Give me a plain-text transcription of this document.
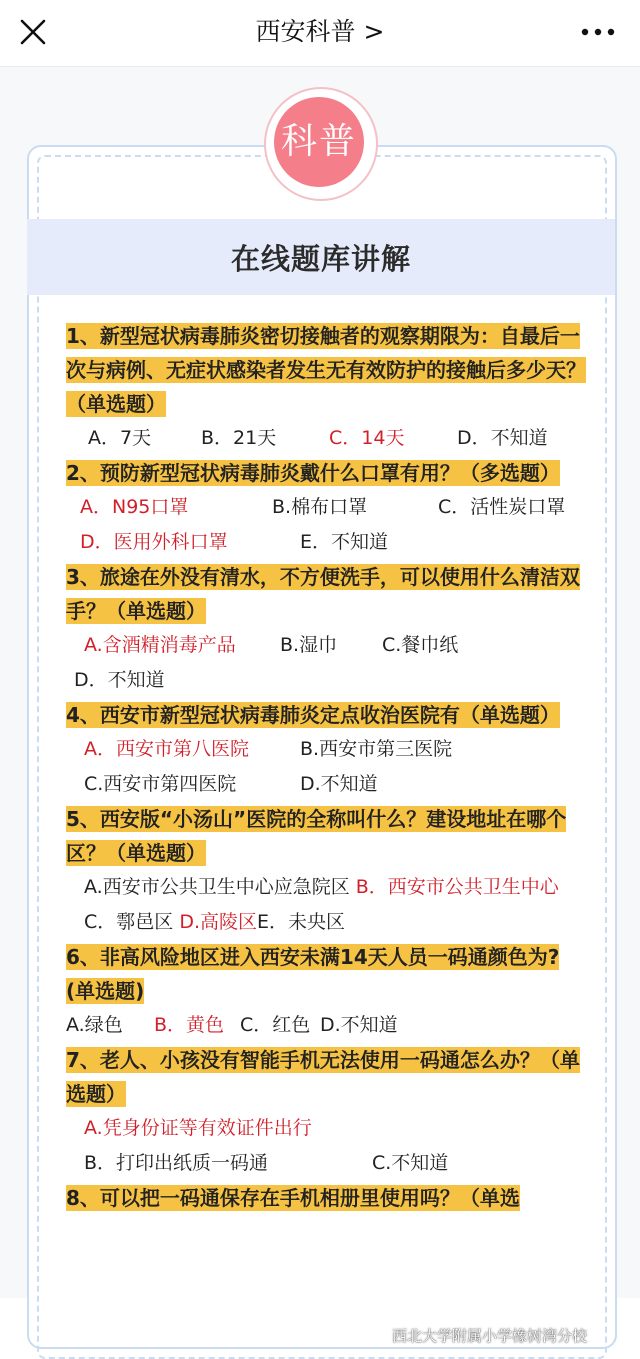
西安科普 >
科普
在线题库讲解
1、新型冠状病毒肺炎密切接触者的观察期限为：自最后一次与病例、无症状感染者发生无有效防护的接触后多少天？（单选题）
A．7天	B．21天	C．14天	D．不知道
2、预防新型冠状病毒肺炎戴什么口罩有用？（多选题）
A．N95口罩	B.棉布口罩	C．活性炭口罩
D．医用外科口罩	E．不知道
3、旅途在外没有清水，不方便洗手，可以使用什么清洁双手？（单选题）
A.含酒精消毒产品 B.湿巾 C.餐巾纸
D．不知道
4、西安市新型冠状病毒肺炎定点收治医院有（单选题）
A．西安市第八医院	B.西安市第三医院
C.西安市第四医院	D.不知道
5、西安版“小汤山”医院的全称叫什么？建设地址在哪个区？（单选题）
A.西安市公共卫生中心应急院区 B．西安市公共卫生中心C．鄠邑区 D.高陵区E．未央区
6、非高风险地区进入西安未满14天人员一码通颜色为?(单选题)
A.绿色 B．黄色 C．红色 D.不知道
7、老人、小孩没有智能手机无法使用一码通怎么办？（单选题）
A.凭身份证等有效证件出行
B．打印出纸质一码通	C.不知道
8、可以把一码通保存在手机相册里使用吗？（单选
西北大学附属小学橡树湾分校
